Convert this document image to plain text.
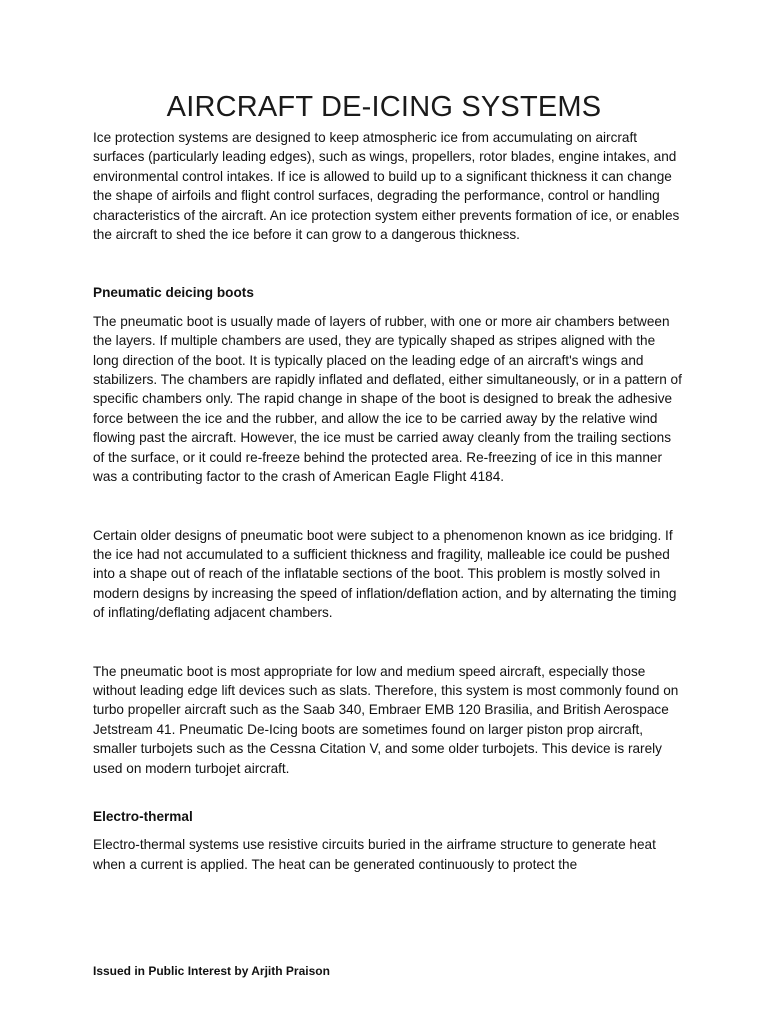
AIRCRAFT DE-ICING SYSTEMS

Ice protection systems are designed to keep atmospheric ice from accumulating on aircraft surfaces (particularly leading edges), such as wings, propellers, rotor blades, engine intakes, and environmental control intakes. If ice is allowed to build up to a significant thickness it can change the shape of airfoils and flight control surfaces, degrading the performance, control or handling characteristics of the aircraft. An ice protection system either prevents formation of ice, or enables the aircraft to shed the ice before it can grow to a dangerous thickness.

Pneumatic deicing boots

The pneumatic boot is usually made of layers of rubber, with one or more air chambers between the layers. If multiple chambers are used, they are typically shaped as stripes aligned with the long direction of the boot. It is typically placed on the leading edge of an aircraft's wings and stabilizers. The chambers are rapidly inflated and deflated, either simultaneously, or in a pattern of specific chambers only. The rapid change in shape of the boot is designed to break the adhesive force between the ice and the rubber, and allow the ice to be carried away by the relative wind flowing past the aircraft. However, the ice must be carried away cleanly from the trailing sections of the surface, or it could re-freeze behind the protected area. Re-freezing of ice in this manner was a contributing factor to the crash of American Eagle Flight 4184.

Certain older designs of pneumatic boot were subject to a phenomenon known as ice bridging. If the ice had not accumulated to a sufficient thickness and fragility, malleable ice could be pushed into a shape out of reach of the inflatable sections of the boot. This problem is mostly solved in modern designs by increasing the speed of inflation/deflation action, and by alternating the timing of inflating/deflating adjacent chambers.

The pneumatic boot is most appropriate for low and medium speed aircraft, especially those without leading edge lift devices such as slats. Therefore, this system is most commonly found on turbo propeller aircraft such as the Saab 340, Embraer EMB 120 Brasilia, and British Aerospace Jetstream 41. Pneumatic De-Icing boots are sometimes found on larger piston prop aircraft, smaller turbojets such as the Cessna Citation V, and some older turbojets. This device is rarely used on modern turbojet aircraft.

Electro-thermal

Electro-thermal systems use resistive circuits buried in the airframe structure to generate heat when a current is applied. The heat can be generated continuously to protect the

Issued in Public Interest by Arjith Praison
